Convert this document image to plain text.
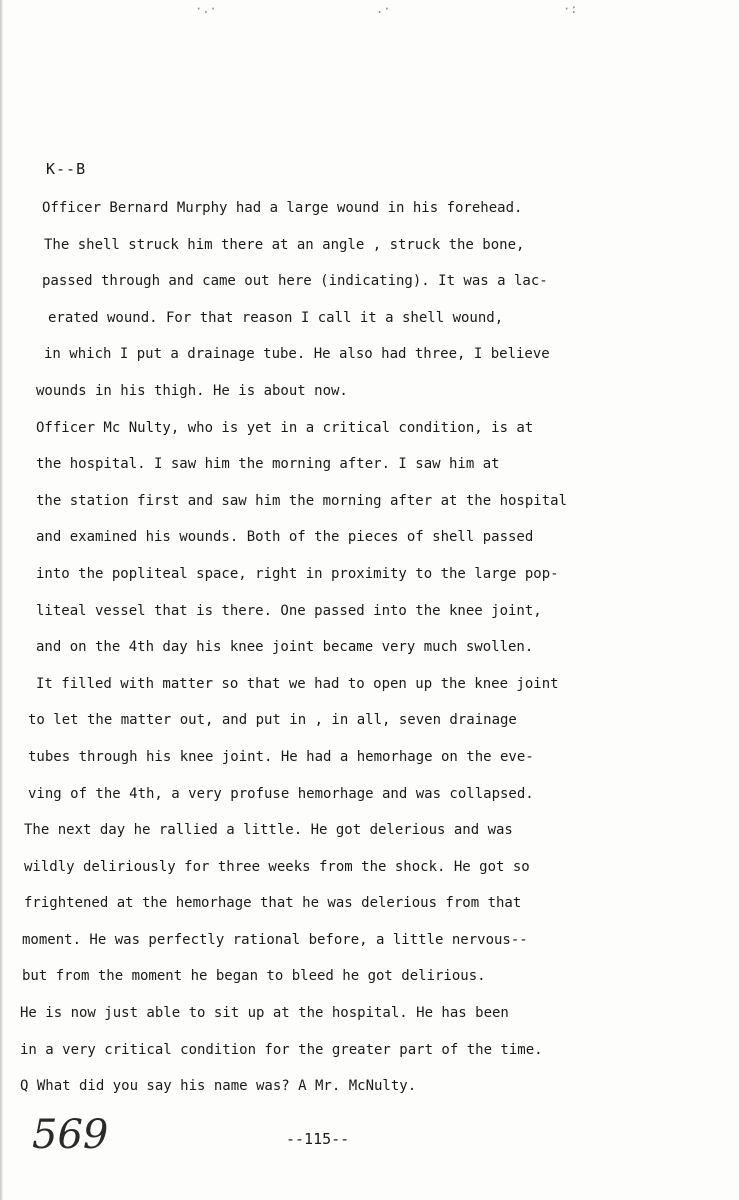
·.·	.·	·:
K--B
Officer Bernard Murphy had a large wound in his forehead.
The shell struck him there at an angle , struck the bone,
passed through and came out here (indicating). It was a lac-
erated wound. For that reason I call it a shell wound,
in which I put a drainage tube. He also had three, I believe
wounds in his thigh. He is about now.
Officer Mc Nulty, who is yet in a critical condition, is at
the hospital. I saw him the morning after. I saw him at
the station first and saw him the morning after at the hospital
and examined his wounds. Both of the pieces of shell passed
into the popliteal space, right in proximity to the large pop-
liteal vessel that is there. One passed into the knee joint,
and on the 4th day his knee joint became very much swollen.
It filled with matter so that we had to open up the knee joint
to let the matter out, and put in , in all, seven drainage
tubes through his knee joint. He had a hemorhage on the eve-
ving of the 4th, a very profuse hemorhage and was collapsed.
The next day he rallied a little. He got delerious and was
wildly deliriously for three weeks from the shock. He got so
frightened at the hemorhage that he was delerious from that
moment. He was perfectly rational before, a little nervous--
but from the moment he began to bleed he got delirious.
He is now just able to sit up at the hospital. He has been
in a very critical condition for the greater part of the time.
Q What did you say his name was? A Mr. McNulty.
569	--115--
